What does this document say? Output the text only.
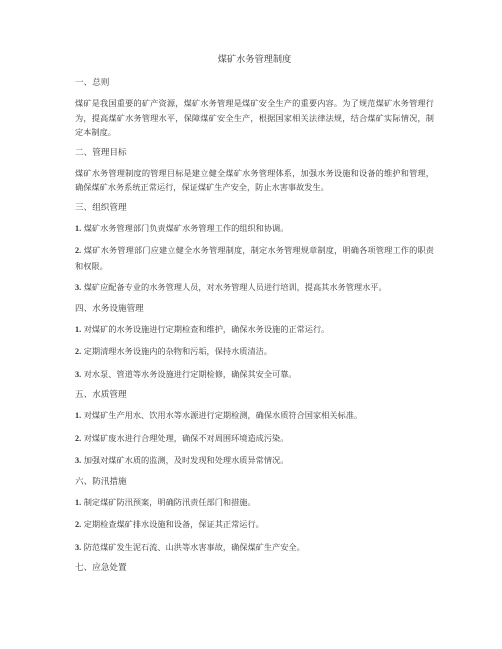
煤矿水务管理制度
一、总则
煤矿是我国重要的矿产资源，煤矿水务管理是煤矿安全生产的重要内容。为了规范煤矿水务管理行为，提高煤矿水务管理水平，保障煤矿安全生产，根据国家相关法律法规，结合煤矿实际情况，制定本制度。
二、管理目标
煤矿水务管理制度的管理目标是建立健全煤矿水务管理体系，加强水务设施和设备的维护和管理，确保煤矿水务系统正常运行，保证煤矿生产安全，防止水害事故发生。
三、组织管理
1. 煤矿水务管理部门负责煤矿水务管理工作的组织和协调。
2. 煤矿水务管理部门应建立健全水务管理制度，制定水务管理规章制度，明确各项管理工作的职责和权限。
3. 煤矿应配备专业的水务管理人员，对水务管理人员进行培训，提高其水务管理水平。
四、水务设施管理
1. 对煤矿的水务设施进行定期检查和维护，确保水务设施的正常运行。
2. 定期清理水务设施内的杂物和污垢，保持水质清洁。
3. 对水泵、管道等水务设施进行定期检修，确保其安全可靠。
五、水质管理
1. 对煤矿生产用水、饮用水等水源进行定期检测，确保水质符合国家相关标准。
2. 对煤矿废水进行合理处理，确保不对周围环境造成污染。
3. 加强对煤矿水质的监测，及时发现和处理水质异常情况。
六、防汛措施
1. 制定煤矿防汛预案，明确防汛责任部门和措施。
2. 定期检查煤矿排水设施和设备，保证其正常运行。
3. 防范煤矿发生泥石流、山洪等水害事故，确保煤矿生产安全。
七、应急处置
